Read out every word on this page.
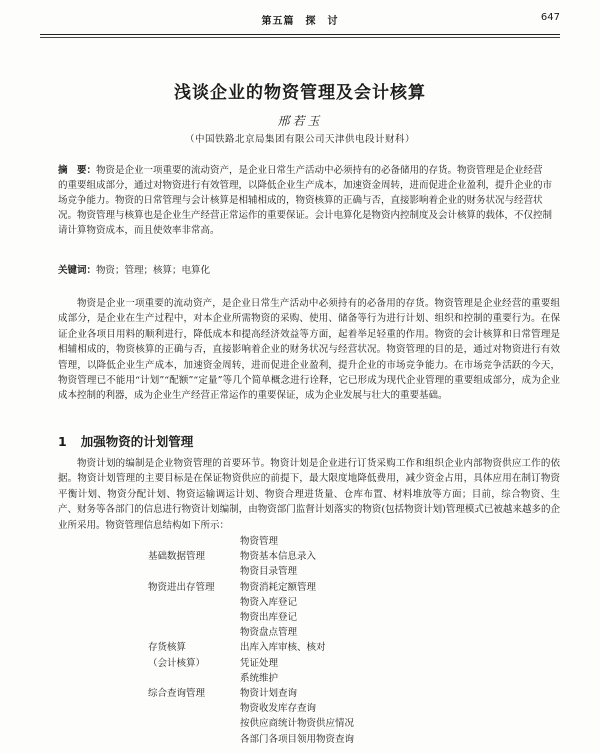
第五篇　探　讨	647
浅谈企业的物资管理及会计核算
邢若玉
（中国铁路北京局集团有限公司天津供电段计财科）
摘　要：物资是企业一项重要的流动资产，是企业日常生产活动中必须持有的必备储用的存货。物资管理是企业经营的重要组成部分，通过对物资进行有效管理，以降低企业生产成本，加速资金周转，进而促进企业盈利，提升企业的市场竞争能力。物资的日常管理与会计核算是相辅相成的，物资核算的正确与否，直接影响着企业的财务状况与经营状况。物资管理与核算也是企业生产经营正常运作的重要保证。会计电算化是物资内控制度及会计核算的载体，不仅控制请计算物资成本，而且使效率非常高。
关键词：物资；管理；核算；电算化

物资是企业一项重要的流动资产，是企业日常生产活动中必须持有的必备用的存货。物资管理是企业经营的重要组成部分，是企业在生产过程中，对本企业所需物资的采购、使用、储备等行为进行计划、组织和控制的重要行为。在保证企业各项目用料的顺利进行，降低成本和提高经济效益等方面，起着举足轻重的作用。物资的会计核算和日常管理是相辅相成的，物资核算的正确与否，直接影响着企业的财务状况与经营状况。物资管理的目的是，通过对物资进行有效管理，以降低企业生产成本，加速资金周转，进而促进企业盈利，提升企业的市场竞争能力。在市场竞争活跃的今天，物资管理已不能用“计划”“配额”“定量”等几个简单概念进行诠释，它已形成为现代企业管理的重要组成部分，成为企业成本控制的利器，成为企业生产经营正常运作的重要保证，成为企业发展与壮大的重要基础。

1 加强物资的计划管理

物资计划的编制是企业物资管理的首要环节。物资计划是企业进行订货采购工作和组织企业内部物资供应工作的依据。物资计划管理的主要目标是在保证物资供应的前提下，最大限度地降低费用，减少资金占用，具体应用在制订物资平衡计划、物资分配计划、物资运输调运计划、物资合理进货量、仓库布置、材料堆放等方面；目前，综合物资、生产、财务等各部门的信息进行物资计划编制，由物资部门监督计划落实的物资(包括物资计划)管理模式已被越来越多的企业所采用。物资管理信息结构如下所示：

物资管理
基础数据管理	物资基本信息录入
物资目录管理
物资进出存管理	物资消耗定额管理
物资入库登记
物资出库登记
物资盘点管理
存货核算	出库入库审核、核对
（会计核算）	凭证处理
系统维护
综合查询管理	物资计划查询
物资收发库存查询
按供应商统计物资供应情况
各部门各项目领用物资查询
